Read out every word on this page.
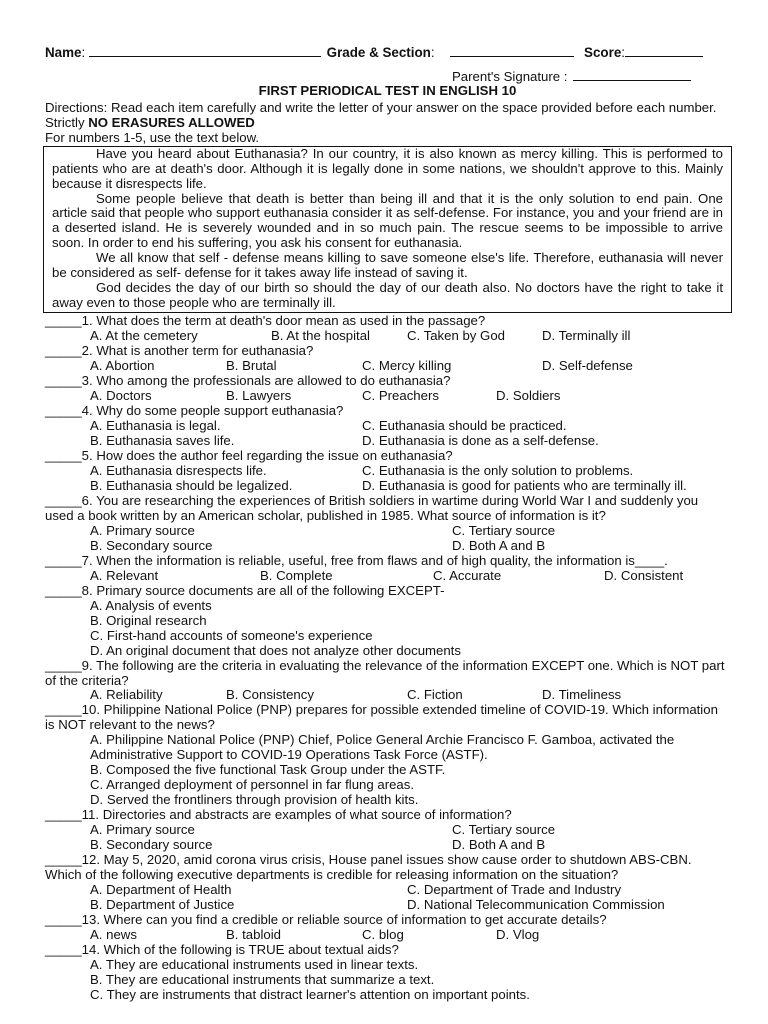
Name:	Grade & Section:	Score:
Parent's Signature :
FIRST PERIODICAL TEST IN ENGLISH 10
Directions: Read each item carefully and write the letter of your answer on the space provided before each number. Strictly NO ERASURES ALLOWED
For numbers 1-5, use the text below.

Have you heard about Euthanasia? In our country, it is also known as mercy killing. This is performed to patients who are at death's door. Although it is legally done in some nations, we shouldn't approve to this. Mainly because it disrespects life.

Some people believe that death is better than being ill and that it is the only solution to end pain. One article said that people who support euthanasia consider it as self-defense. For instance, you and your friend are in a deserted island. He is severely wounded and in so much pain. The rescue seems to be impossible to arrive soon. In order to end his suffering, you ask his consent for euthanasia.

We all know that self - defense means killing to save someone else's life. Therefore, euthanasia will never be considered as self- defense for it takes away life instead of saving it.

God decides the day of our birth so should the day of our death also. No doctors have the right to take it away even to those people who are terminally ill.

_____1. What does the term at death's door mean as used in the passage?
A. At the cemetery	B. At the hospital	C. Taken by God	D. Terminally ill
_____2. What is another term for euthanasia?
A. Abortion	B. Brutal	C. Mercy killing	D. Self-defense
_____3. Who among the professionals are allowed to do euthanasia?
A. Doctors	B. Lawyers	C. Preachers	D. Soldiers
_____4. Why do some people support euthanasia?
A. Euthanasia is legal.	C. Euthanasia should be practiced.
B. Euthanasia saves life.	D. Euthanasia is done as a self-defense.
_____5. How does the author feel regarding the issue on euthanasia?
A. Euthanasia disrespects life.	C. Euthanasia is the only solution to problems.
B. Euthanasia should be legalized.	D. Euthanasia is good for patients who are terminally ill.
_____6. You are researching the experiences of British soldiers in wartime during World War I and suddenly you used a book written by an American scholar, published in 1985. What source of information is it?
A. Primary source	C. Tertiary source
B. Secondary source	D. Both A and B
_____7. When the information is reliable, useful, free from flaws and of high quality, the information is____.
A. Relevant	B. Complete	C. Accurate	D. Consistent
_____8. Primary source documents are all of the following EXCEPT-
A. Analysis of events
B. Original research
C. First-hand accounts of someone's experience
D. An original document that does not analyze other documents
_____9. The following are the criteria in evaluating the relevance of the information EXCEPT one. Which is NOT part of the criteria?
A. Reliability	B. Consistency	C. Fiction	D. Timeliness
_____10. Philippine National Police (PNP) prepares for possible extended timeline of COVID-19. Which information is NOT relevant to the news?
A. Philippine National Police (PNP) Chief, Police General Archie Francisco F. Gamboa, activated the Administrative Support to COVID-19 Operations Task Force (ASTF).
B. Composed the five functional Task Group under the ASTF.
C. Arranged deployment of personnel in far flung areas.
D. Served the frontliners through provision of health kits.
_____11. Directories and abstracts are examples of what source of information?
A. Primary source	C. Tertiary source
B. Secondary source	D. Both A and B
_____12. May 5, 2020, amid corona virus crisis, House panel issues show cause order to shutdown ABS-CBN. Which of the following executive departments is credible for releasing information on the situation?
A. Department of Health	C. Department of Trade and Industry
B. Department of Justice	D. National Telecommunication Commission
_____13. Where can you find a credible or reliable source of information to get accurate details?
A. news	B. tabloid	C. blog	D. Vlog
_____14. Which of the following is TRUE about textual aids?
A. They are educational instruments used in linear texts.
B. They are educational instruments that summarize a text.
C. They are instruments that distract learner's attention on important points.
